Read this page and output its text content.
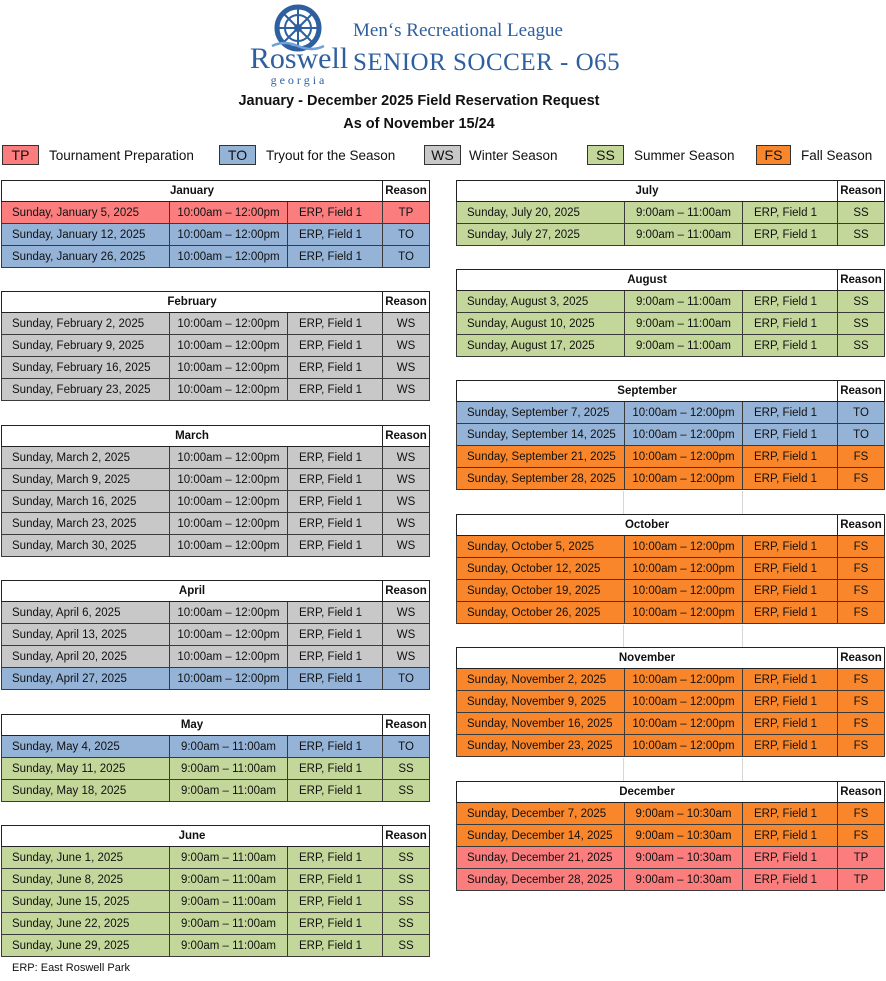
Roswell
georgia
Men‘s Recreational League
SENIOR SOCCER - O65
January - December 2025 Field Reservation Request
As of November 15/24
TP	Tournament Preparation	TO	Tryout for the Season	WS	Winter Season	SS	Summer Season	FS	Fall Season
January			Reason
Sunday, January 5, 2025	10:00am – 12:00pm	ERP, Field 1	TP
Sunday, January 12, 2025	10:00am – 12:00pm	ERP, Field 1	TO
Sunday, January 26, 2025	10:00am – 12:00pm	ERP, Field 1	TO
February			Reason
Sunday, February 2, 2025	10:00am – 12:00pm	ERP, Field 1	WS
Sunday, February 9, 2025	10:00am – 12:00pm	ERP, Field 1	WS
Sunday, February 16, 2025	10:00am – 12:00pm	ERP, Field 1	WS
Sunday, February 23, 2025	10:00am – 12:00pm	ERP, Field 1	WS
March			Reason
Sunday, March 2, 2025	10:00am – 12:00pm	ERP, Field 1	WS
Sunday, March 9, 2025	10:00am – 12:00pm	ERP, Field 1	WS
Sunday, March 16, 2025	10:00am – 12:00pm	ERP, Field 1	WS
Sunday, March 23, 2025	10:00am – 12:00pm	ERP, Field 1	WS
Sunday, March 30, 2025	10:00am – 12:00pm	ERP, Field 1	WS
April			Reason
Sunday, April 6, 2025	10:00am – 12:00pm	ERP, Field 1	WS
Sunday, April 13, 2025	10:00am – 12:00pm	ERP, Field 1	WS
Sunday, April 20, 2025	10:00am – 12:00pm	ERP, Field 1	WS
Sunday, April 27, 2025	10:00am – 12:00pm	ERP, Field 1	TO
May			Reason
Sunday, May 4, 2025	9:00am – 11:00am	ERP, Field 1	TO
Sunday, May 11, 2025	9:00am – 11:00am	ERP, Field 1	SS
Sunday, May 18, 2025	9:00am – 11:00am	ERP, Field 1	SS
June			Reason
Sunday, June 1, 2025	9:00am – 11:00am	ERP, Field 1	SS
Sunday, June 8, 2025	9:00am – 11:00am	ERP, Field 1	SS
Sunday, June 15, 2025	9:00am – 11:00am	ERP, Field 1	SS
Sunday, June 22, 2025	9:00am – 11:00am	ERP, Field 1	SS
Sunday, June 29, 2025	9:00am – 11:00am	ERP, Field 1	SS
July			Reason
Sunday, July 20, 2025	9:00am – 11:00am	ERP, Field 1	SS
Sunday, July 27, 2025	9:00am – 11:00am	ERP, Field 1	SS
August			Reason
Sunday, August 3, 2025	9:00am – 11:00am	ERP, Field 1	SS
Sunday, August 10, 2025	9:00am – 11:00am	ERP, Field 1	SS
Sunday, August 17, 2025	9:00am – 11:00am	ERP, Field 1	SS
September			Reason
Sunday, September 7, 2025	10:00am – 12:00pm	ERP, Field 1	TO
Sunday, September 14, 2025	10:00am – 12:00pm	ERP, Field 1	TO
Sunday, September 21, 2025	10:00am – 12:00pm	ERP, Field 1	FS
Sunday, September 28, 2025	10:00am – 12:00pm	ERP, Field 1	FS
October			Reason
Sunday, October 5, 2025	10:00am – 12:00pm	ERP, Field 1	FS
Sunday, October 12, 2025	10:00am – 12:00pm	ERP, Field 1	FS
Sunday, October 19, 2025	10:00am – 12:00pm	ERP, Field 1	FS
Sunday, October 26, 2025	10:00am – 12:00pm	ERP, Field 1	FS
November			Reason
Sunday, November 2, 2025	10:00am – 12:00pm	ERP, Field 1	FS
Sunday, November 9, 2025	10:00am – 12:00pm	ERP, Field 1	FS
Sunday, November 16, 2025	10:00am – 12:00pm	ERP, Field 1	FS
Sunday, November 23, 2025	10:00am – 12:00pm	ERP, Field 1	FS
December			Reason
Sunday, December 7, 2025	9:00am – 10:30am	ERP, Field 1	FS
Sunday, December 14, 2025	9:00am – 10:30am	ERP, Field 1	FS
Sunday, December 21, 2025	9:00am – 10:30am	ERP, Field 1	TP
Sunday, December 28, 2025	9:00am – 10:30am	ERP, Field 1	TP
ERP: East Roswell Park
